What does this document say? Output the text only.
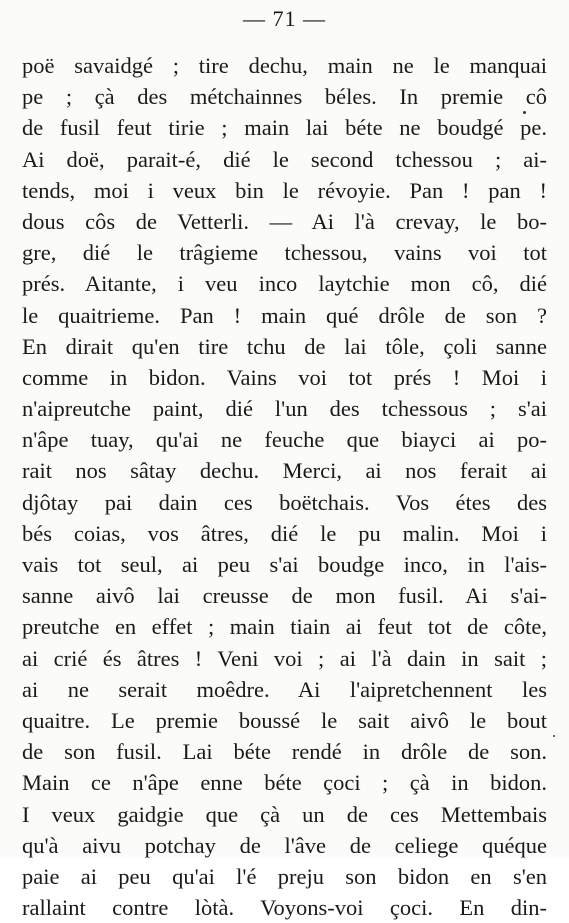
— 71 —
poë savaidgé ; tire dechu, main ne le manquai
pe ; çà des métchainnes béles. In premie cô
de fusil feut tirie ; main lai béte ne boudgé pe.
Ai doë, parait-é, dié le second tchessou ; ai-
tends, moi i veux bin le révoyie. Pan ! pan !
dous côs de Vetterli. — Ai l'à crevay, le bo-
gre, dié le trâgieme tchessou, vains voi tot
prés. Aitante, i veu inco laytchie mon cô, dié
le quaitrieme. Pan ! main qué drôle de son ?
En dirait qu'en tire tchu de lai tôle, çoli sanne
comme in bidon. Vains voi tot prés ! Moi i
n'aipreutche paint, dié l'un des tchessous ; s'ai
n'âpe tuay, qu'ai ne feuche que biayci ai po-
rait nos sâtay dechu. Merci, ai nos ferait ai
djôtay pai dain ces boëtchais. Vos étes des
bés coias, vos âtres, dié le pu malin. Moi i
vais tot seul, ai peu s'ai boudge inco, in l'ais-
sanne aivô lai creusse de mon fusil. Ai s'ai-
preutche en effet ; main tiain ai feut tot de côte,
ai crié és âtres ! Veni voi ; ai l'à dain in sait ;
ai ne serait moêdre. Ai l'aipretchennent les
quaitre. Le premie boussé le sait aivô le bout
de son fusil. Lai béte rendé in drôle de son.
Main ce n'âpe enne béte çoci ; çà in bidon.
I veux gaidgie que çà un de ces Mettembais
qu'à aivu potchay de l'âve de celiege quéque
paie ai peu qu'ai l'é preju son bidon en s'en
rallaint contre lòtà. Voyons-voi çoci. En din-
